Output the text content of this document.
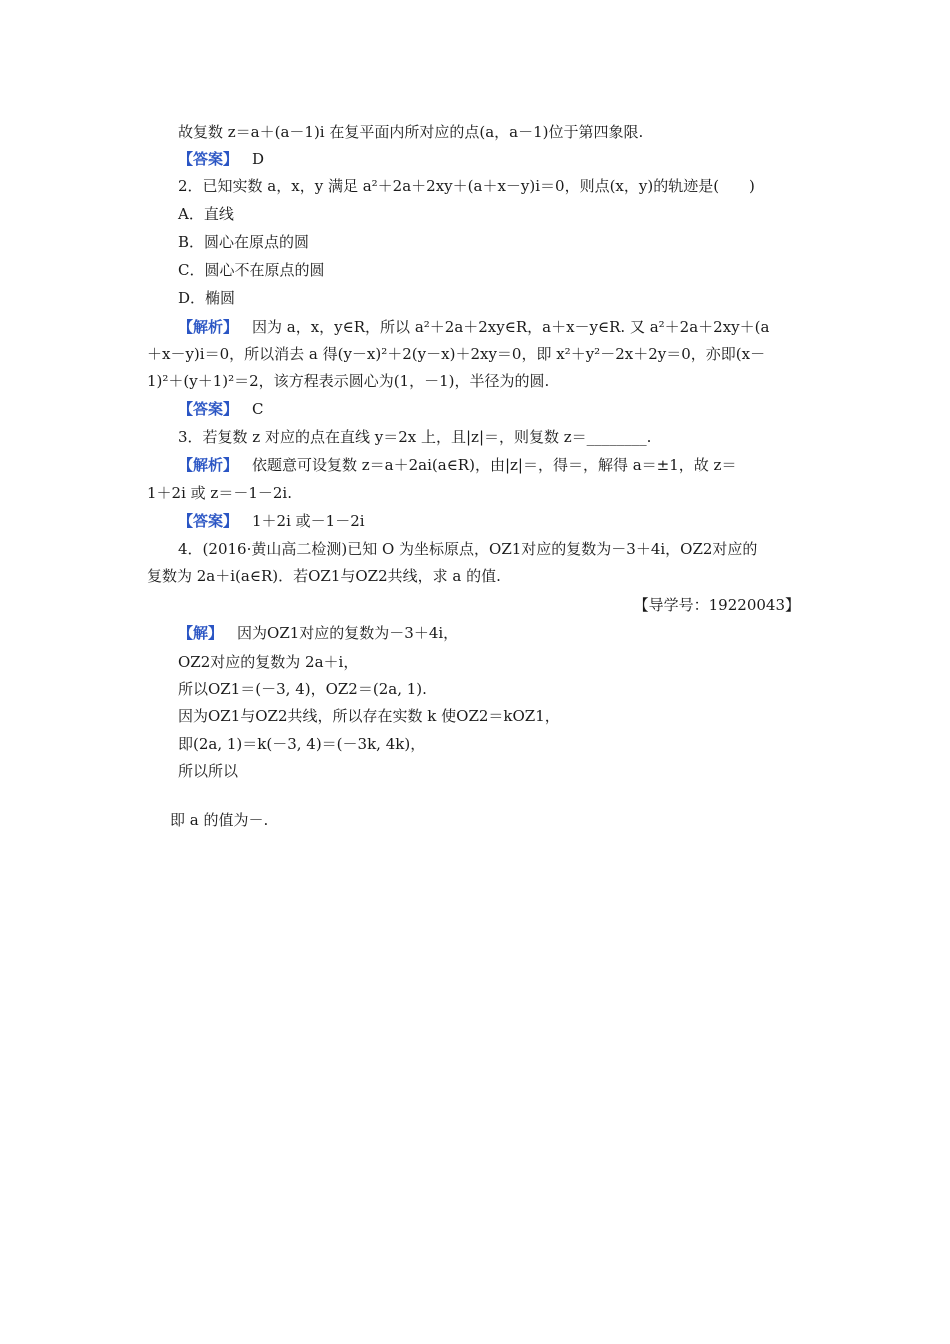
故复数 z＝a＋(a－1)i 在复平面内所对应的点(a，a－1)位于第四象限.
【答案】 D
2．已知实数 a，x，y 满足 a²＋2a＋2xy＋(a＋x－y)i＝0，则点(x，y)的轨迹是(　　)
A．直线
B．圆心在原点的圆
C．圆心不在原点的圆
D．椭圆
【解析】 因为 a，x，y∈R，所以 a²＋2a＋2xy∈R，a＋x－y∈R. 又 a²＋2a＋2xy＋(a
＋x－y)i＝0，所以消去 a 得(y－x)²＋2(y－x)＋2xy＝0，即 x²＋y²－2x＋2y＝0，亦即(x－
1)²＋(y＋1)²＝2，该方程表示圆心为(1，－1)，半径为的圆.
【答案】 C
3．若复数 z 对应的点在直线 y＝2x 上，且|z|＝，则复数 z＝________.
【解析】 依题意可设复数 z＝a＋2ai(a∈R)，由|z|＝，得＝，解得 a＝±1，故 z＝
1＋2i 或 z＝－1－2i.
【答案】 1＋2i 或－1－2i
4．(2016·黄山高二检测)已知 O 为坐标原点，OZ1对应的复数为－3＋4i，OZ2对应的
复数为 2a＋i(a∈R)．若OZ1与OZ2共线，求 a 的值.
【导学号：19220043】
【解】 因为OZ1对应的复数为－3＋4i，
OZ2对应的复数为 2a＋i，
所以OZ1＝(－3, 4)，OZ2＝(2a, 1).
因为OZ1与OZ2共线，所以存在实数 k 使OZ2＝kOZ1，
即(2a, 1)＝k(－3, 4)＝(－3k, 4k)，
所以所以
即 a 的值为－.
